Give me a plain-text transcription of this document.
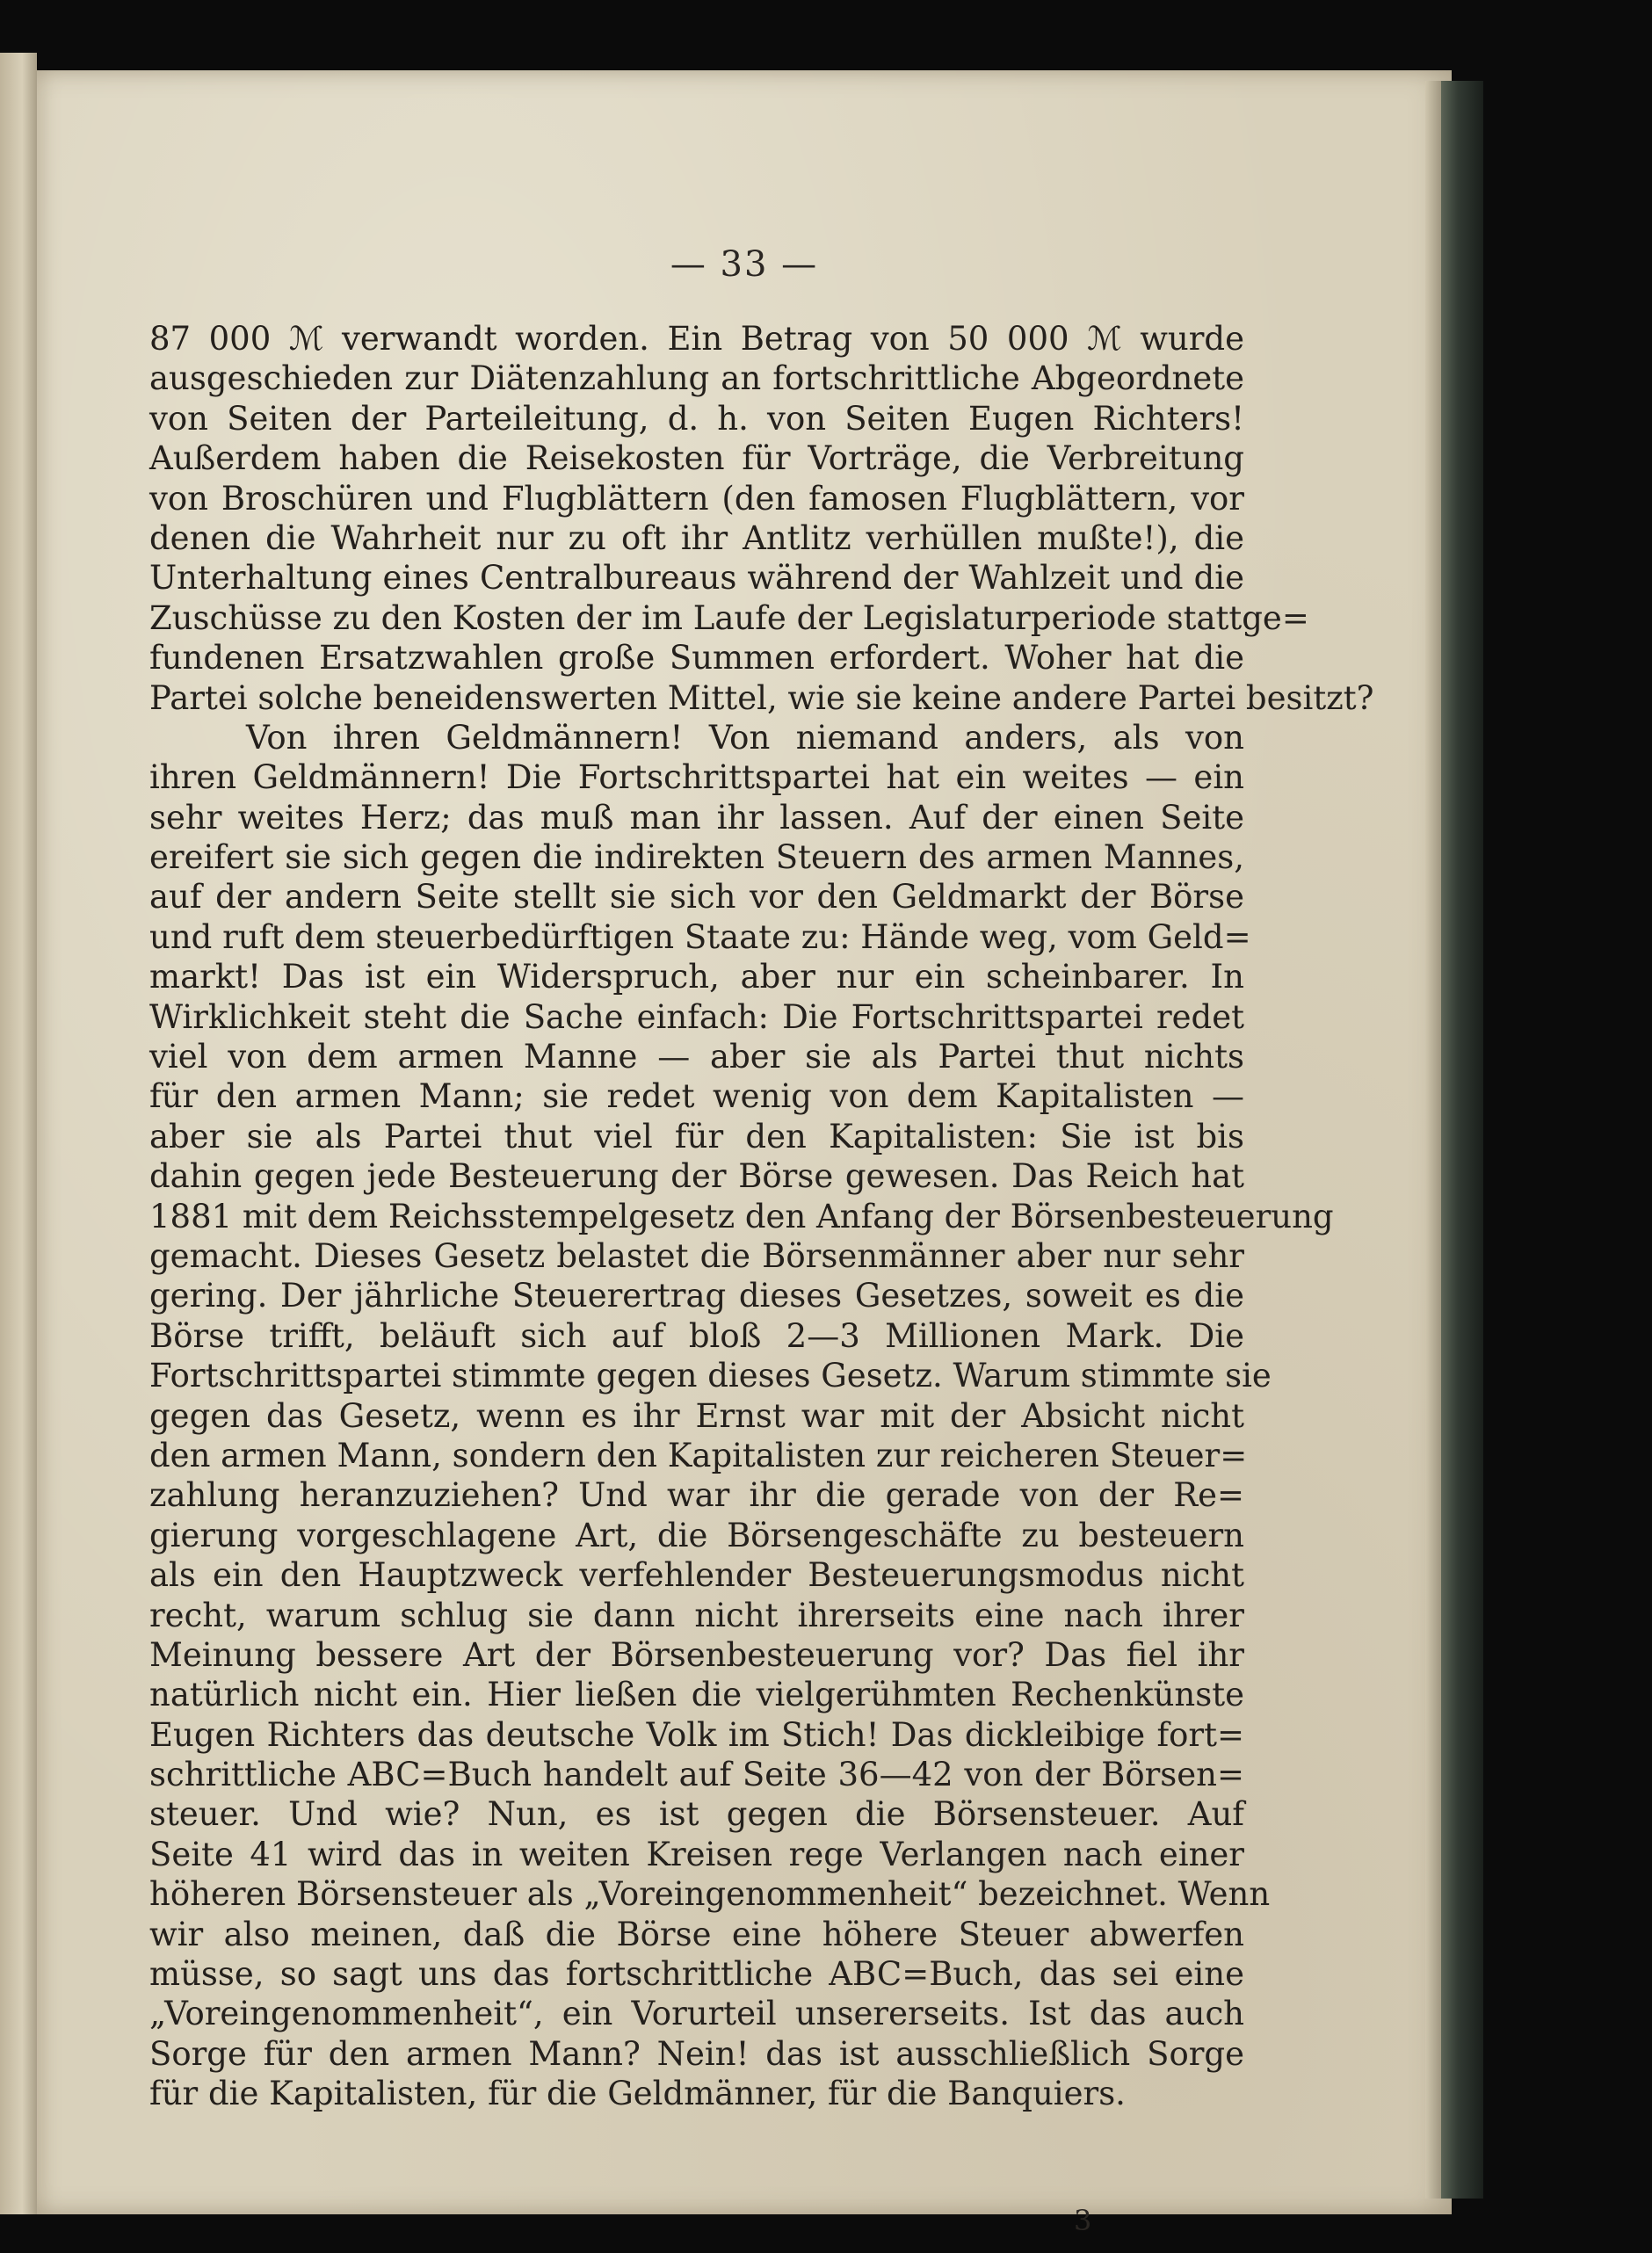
— 33 —
87 000 ℳ verwandt worden. Ein Betrag von 50 000 ℳ wurde
ausgeschieden zur Diätenzahlung an fortschrittliche Abgeordnete
von Seiten der Parteileitung, d. h. von Seiten Eugen Richters!
Außerdem haben die Reisekosten für Vorträge, die Verbreitung
von Broschüren und Flugblättern (den famosen Flugblättern, vor
denen die Wahrheit nur zu oft ihr Antlitz verhüllen mußte!), die
Unterhaltung eines Centralbureaus während der Wahlzeit und die
Zuschüsse zu den Kosten der im Laufe der Legislaturperiode stattge=
fundenen Ersatzwahlen große Summen erfordert. Woher hat die
Partei solche beneidenswerten Mittel, wie sie keine andere Partei besitzt?
Von ihren Geldmännern! Von niemand anders, als von
ihren Geldmännern! Die Fortschrittspartei hat ein weites — ein
sehr weites Herz; das muß man ihr lassen. Auf der einen Seite
ereifert sie sich gegen die indirekten Steuern des armen Mannes,
auf der andern Seite stellt sie sich vor den Geldmarkt der Börse
und ruft dem steuerbedürftigen Staate zu: Hände weg, vom Geld=
markt! Das ist ein Widerspruch, aber nur ein scheinbarer. In
Wirklichkeit steht die Sache einfach: Die Fortschrittspartei redet
viel von dem armen Manne — aber sie als Partei thut nichts
für den armen Mann; sie redet wenig von dem Kapitalisten —
aber sie als Partei thut viel für den Kapitalisten: Sie ist bis
dahin gegen jede Besteuerung der Börse gewesen. Das Reich hat
1881 mit dem Reichsstempelgesetz den Anfang der Börsenbesteuerung
gemacht. Dieses Gesetz belastet die Börsenmänner aber nur sehr
gering. Der jährliche Steuerertrag dieses Gesetzes, soweit es die
Börse trifft, beläuft sich auf bloß 2—3 Millionen Mark. Die
Fortschrittspartei stimmte gegen dieses Gesetz. Warum stimmte sie
gegen das Gesetz, wenn es ihr Ernst war mit der Absicht nicht
den armen Mann, sondern den Kapitalisten zur reicheren Steuer=
zahlung heranzuziehen? Und war ihr die gerade von der Re=
gierung vorgeschlagene Art, die Börsengeschäfte zu besteuern
als ein den Hauptzweck verfehlender Besteuerungsmodus nicht
recht, warum schlug sie dann nicht ihrerseits eine nach ihrer
Meinung bessere Art der Börsenbesteuerung vor? Das fiel ihr
natürlich nicht ein. Hier ließen die vielgerühmten Rechenkünste
Eugen Richters das deutsche Volk im Stich! Das dickleibige fort=
schrittliche ABC=Buch handelt auf Seite 36—42 von der Börsen=
steuer. Und wie? Nun, es ist gegen die Börsensteuer. Auf
Seite 41 wird das in weiten Kreisen rege Verlangen nach einer
höheren Börsensteuer als „Voreingenommenheit“ bezeichnet. Wenn
wir also meinen, daß die Börse eine höhere Steuer abwerfen
müsse, so sagt uns das fortschrittliche ABC=Buch, das sei eine
„Voreingenommenheit“, ein Vorurteil unsererseits. Ist das auch
Sorge für den armen Mann? Nein! das ist ausschließlich Sorge
für die Kapitalisten, für die Geldmänner, für die Banquiers.
3
